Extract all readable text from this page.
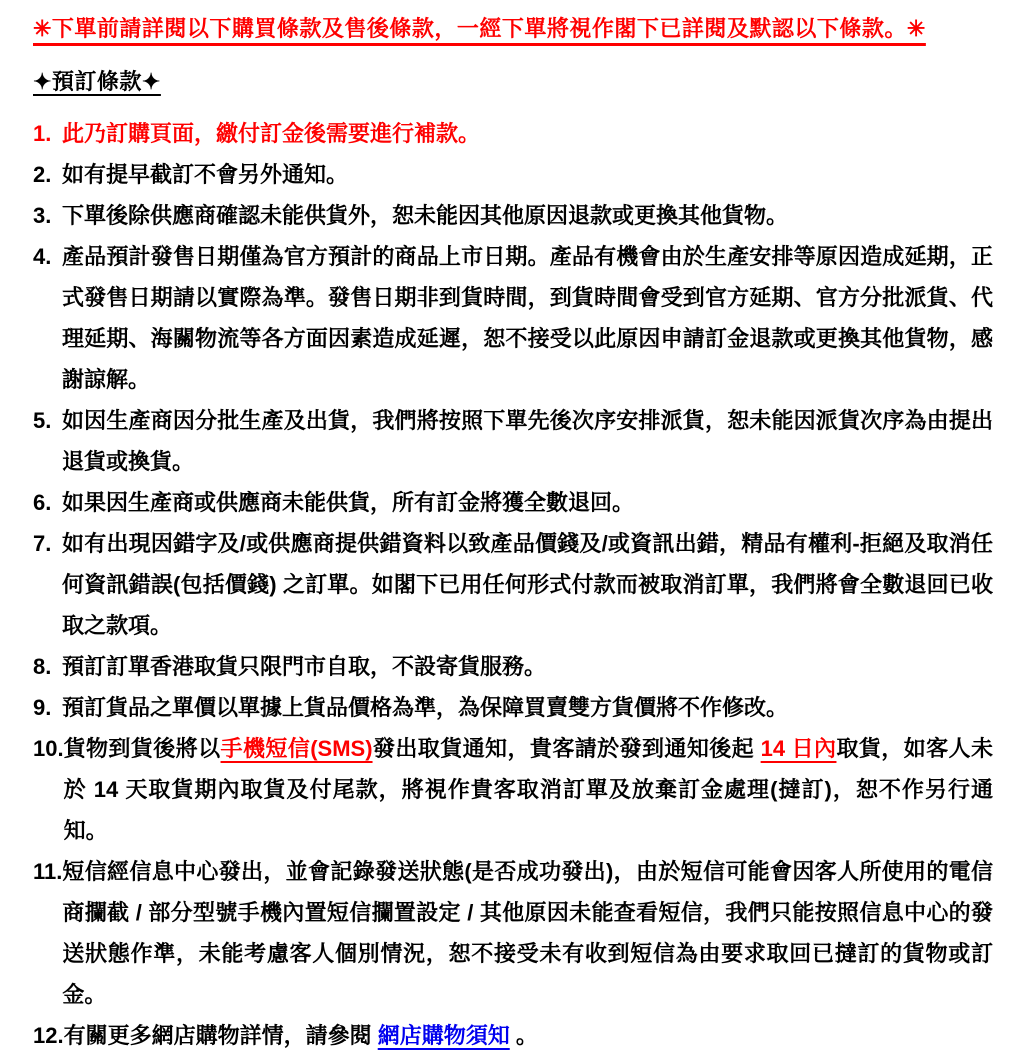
✳下單前請詳閱以下購買條款及售後條款，一經下單將視作閣下已詳閱及默認以下條款。✳
✦預訂條款✦
1. 此乃訂購頁面，繳付訂金後需要進行補款。
2. 如有提早截訂不會另外通知。
3. 下單後除供應商確認未能供貨外，恕未能因其他原因退款或更換其他貨物。
4. 產品預計發售日期僅為官方預計的商品上市日期。產品有機會由於生產安排等原因造成延期，正式發售日期請以實際為準。發售日期非到貨時間，到貨時間會受到官方延期、官方分批派貨、代理延期、海關物流等各方面因素造成延遲，恕不接受以此原因申請訂金退款或更換其他貨物，感謝諒解。
5. 如因生產商因分批生產及出貨，我們將按照下單先後次序安排派貨，恕未能因派貨次序為由提出退貨或換貨。
6. 如果因生產商或供應商未能供貨，所有訂金將獲全數退回。
7. 如有出現因錯字及/或供應商提供錯資料以致產品價錢及/或資訊出錯，精品有權利-拒絕及取消任何資訊錯誤(包括價錢) 之訂單。如閣下已用任何形式付款而被取消訂單，我們將會全數退回已收取之款項。
8. 預訂訂單香港取貨只限門市自取，不設寄貨服務。
9. 預訂貨品之單價以單據上貨品價格為準，為保障買賣雙方貨價將不作修改。
10. 貨物到貨後將以手機短信(SMS)發出取貨通知，貴客請於發到通知後起 14 日內取貨，如客人未於 14 天取貨期內取貨及付尾款，將視作貴客取消訂單及放棄訂金處理(撻訂)，恕不作另行通知。
11. 短信經信息中心發出，並會記錄發送狀態(是否成功發出)，由於短信可能會因客人所使用的電信商攔截 / 部分型號手機內置短信攔置設定 / 其他原因未能查看短信，我們只能按照信息中心的發送狀態作準，未能考慮客人個別情況，恕不接受未有收到短信為由要求取回已撻訂的貨物或訂金。
12. 有關更多網店購物詳情，請參閱 網店購物須知 。
